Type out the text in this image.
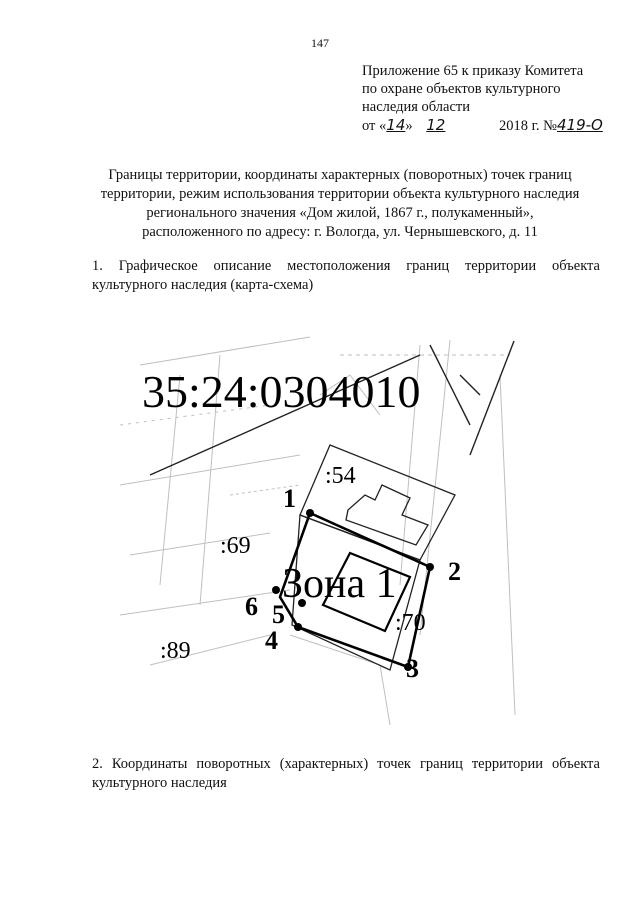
147
Приложение 65 к приказу Комитета
по охране объектов культурного
наследия области
от «14» 12	2018 г. №419-О
Границы территории, координаты характерных (поворотных) точек границ
территории, режим использования территории объекта культурного наследия
регионального значения «Дом жилой, 1867 г., полукаменный»,
расположенного по адресу: г. Вологда, ул. Чернышевского, д. 11
1. Графическое описание местоположения границ территории объекта культурного наследия (карта-схема)
35:24:0304010
:54
:69
:70
:89
Зона 1
1
2
3
4
5
6
2. Координаты поворотных (характерных) точек границ территории объекта культурного наследия
